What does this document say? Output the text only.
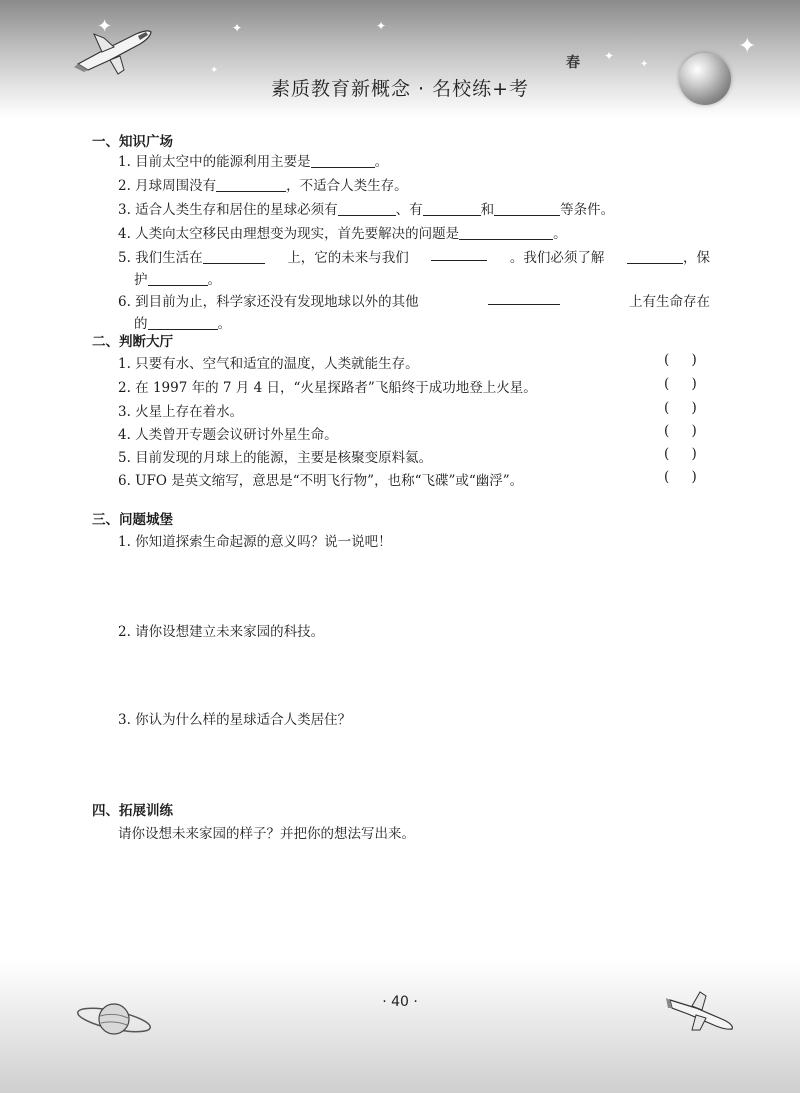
✦	✦
✦
✦
✦	✦
✦
春
素质教育新概念 · 名校练+考
一、知识广场
1. 目前太空中的能源利用主要是	。
2. 月球周围没有	，不适合人类生存。
3. 适合人类生存和居住的星球必须有	、有	和	等条件。
4. 人类向太空移民由理想变为现实，首先要解决的问题是	。
5. 我们生活在	上，它的未来与我们	。我们必须了解	，保
护	。
6. 到目前为止，科学家还没有发现地球以外的其他	上有生命存在
的	。
二、判断大厅
1. 只要有水、空气和适宜的温度，人类就能生存。	( )
2. 在 1997 年的 7 月 4 日，“火星探路者”飞船终于成功地登上火星。	( )
3. 火星上存在着水。	( )
4. 人类曾开专题会议研讨外星生命。	( )
5. 目前发现的月球上的能源，主要是核聚变原料氦。	( )
6. UFO 是英文缩写，意思是“不明飞行物”，也称“飞碟”或“幽浮”。	( )
三、问题城堡
1. 你知道探索生命起源的意义吗？说一说吧！
2. 请你设想建立未来家园的科技。
3. 你认为什么样的星球适合人类居住？
四、拓展训练
请你设想未来家园的样子？并把你的想法写出来。
· 40 ·
